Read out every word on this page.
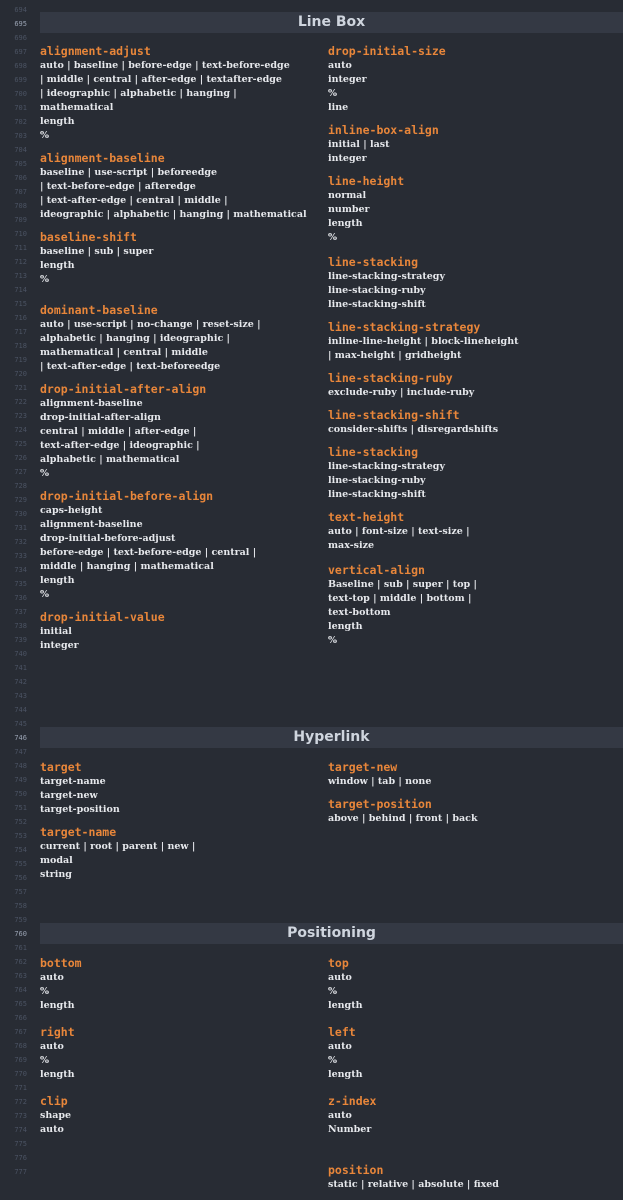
694
695
696
697
698
699
700
701
702
703
704
705
706
707
708
709
710
711
712
713
714
715
716
717
718
719
720
721
722
723
724
725
726
727
728
729
730
731
732
733
734
735
736
737
738
739
740
741
742
743
744
745
746
747
748
749
750
751
752
753
754
755
756
757
758
759
760
761
762
763
764
765
766
767
768
769
770
771
772
773
774
775
776
777
Line Box
alignment-adjust
auto | baseline | before-edge | text-before-edge
| middle | central | after-edge | textafter-edge
| ideographic | alphabetic | hanging |
mathematical
length
%
alignment-baseline
baseline | use-script | beforeedge
| text-before-edge | afteredge
| text-after-edge | central | middle |
ideographic | alphabetic | hanging | mathematical
baseline-shift
baseline | sub | super
length
%
dominant-baseline
auto | use-script | no-change | reset-size |
alphabetic | hanging | ideographic |
mathematical | central | middle
| text-after-edge | text-beforeedge
drop-initial-after-align
alignment-baseline
drop-initial-after-align
central | middle | after-edge |
text-after-edge | ideographic |
alphabetic | mathematical
%
drop-initial-before-align
caps-height
alignment-baseline
drop-initial-before-adjust
before-edge | text-before-edge | central |
middle | hanging | mathematical
length
%
drop-initial-value
initial
integer
drop-initial-size
auto
integer
%
line
inline-box-align
initial | last
integer
line-height
normal
number
length
%
line-stacking
line-stacking-strategy
line-stacking-ruby
line-stacking-shift
line-stacking-strategy
inline-line-height | block-lineheight
| max-height | gridheight
line-stacking-ruby
exclude-ruby | include-ruby
line-stacking-shift
consider-shifts | disregardshifts
line-stacking
line-stacking-strategy
line-stacking-ruby
line-stacking-shift
text-height
auto | font-size | text-size |
max-size
vertical-align
Baseline | sub | super | top |
text-top | middle | bottom |
text-bottom
length
%
Hyperlink
target
target-name
target-new
target-position
target-name
current | root | parent | new |
modal
string
target-new
window | tab | none
target-position
above | behind | front | back
Positioning
bottom
auto
%
length
right
auto
%
length
clip
shape
auto
top
auto
%
length
left
auto
%
length
z-index
auto
Number
position
static | relative | absolute | fixed
